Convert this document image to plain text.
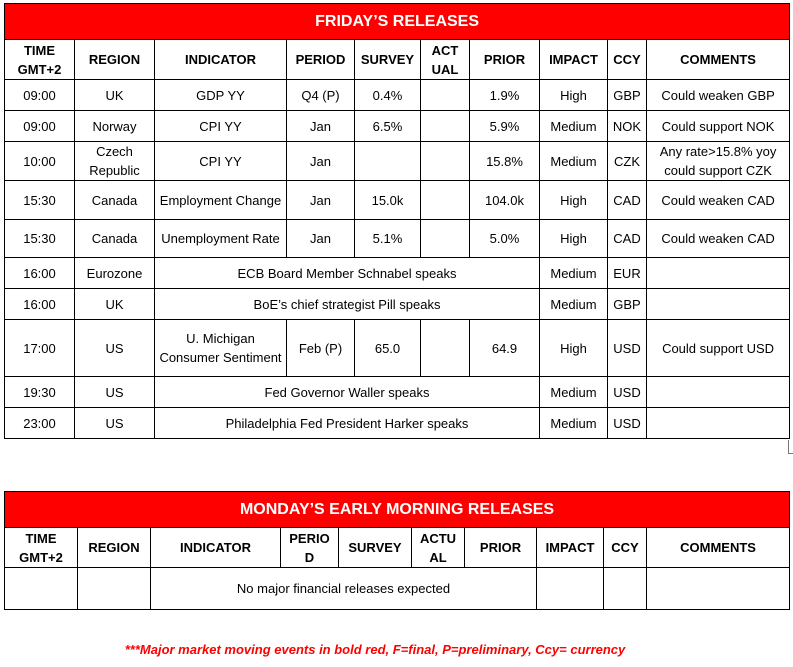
FRIDAY’S RELEASES									
TIME GMT+2	REGION	INDICATOR	PERIOD	SURVEY	ACT UAL	PRIOR	IMPACT	CCY	COMMENTS
09:00	UK	GDP YY	Q4 (P)	0.4%		1.9%	High	GBP	Could weaken GBP
09:00	Norway	CPI YY	Jan	6.5%		5.9%	Medium	NOK	Could support NOK
10:00	Czech Republic	CPI YY	Jan			15.8%	Medium	CZK	Any rate>15.8% yoy could support CZK
15:30	Canada	Employment Change	Jan	15.0k		104.0k	High	CAD	Could weaken CAD
15:30	Canada	Unemployment Rate	Jan	5.1%		5.0%	High	CAD	Could weaken CAD
16:00	Eurozone	ECB Board Member Schnabel speaks					Medium	EUR	
16:00	UK	BoE’s chief strategist Pill speaks					Medium	GBP	
17:00	US	U. Michigan Consumer Sentiment	Feb (P)	65.0		64.9	High	USD	Could support USD
19:30	US	Fed Governor Waller speaks					Medium	USD	
23:00	US	Philadelphia Fed President Harker speaks					Medium	USD	
MONDAY’S EARLY MORNING RELEASES									
TIME GMT+2	REGION	INDICATOR	PERIO D	SURVEY	ACTU AL	PRIOR	IMPACT	CCY	COMMENTS
		No major financial releases expected							
***Major market moving events in bold red, F=final, P=preliminary, Ccy= currency
